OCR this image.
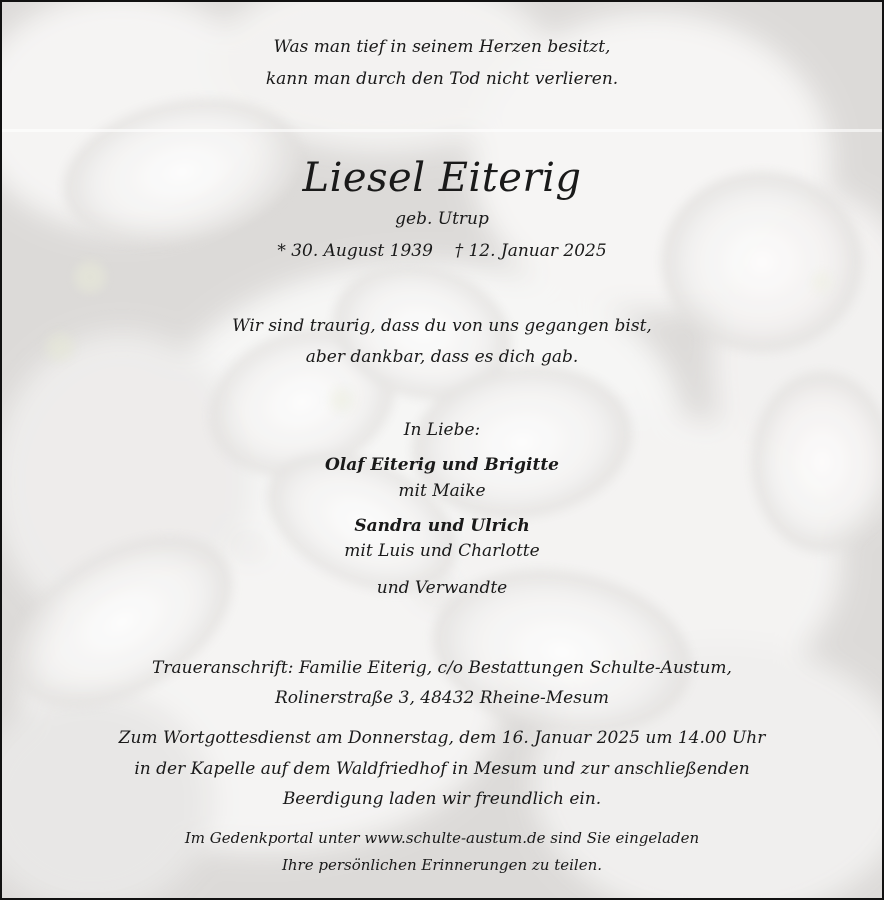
Was man tief in seinem Herzen besitzt,
kann man durch den Tod nicht verlieren.
Liesel Eiterig
geb. Utrup
* 30. August 1939 † 12. Januar 2025
Wir sind traurig, dass du von uns gegangen bist,
aber dankbar, dass es dich gab.
In Liebe:
Olaf Eiterig und Brigitte
mit Maike
Sandra und Ulrich
mit Luis und Charlotte
und Verwandte
Traueranschrift: Familie Eiterig, c/o Bestattungen Schulte-Austum,
Rolinerstraße 3, 48432 Rheine-Mesum
Zum Wortgottesdienst am Donnerstag, dem 16. Januar 2025 um 14.00 Uhr
in der Kapelle auf dem Waldfriedhof in Mesum und zur anschließenden
Beerdigung laden wir freundlich ein.
Im Gedenkportal unter www.schulte-austum.de sind Sie eingeladen
Ihre persönlichen Erinnerungen zu teilen.
